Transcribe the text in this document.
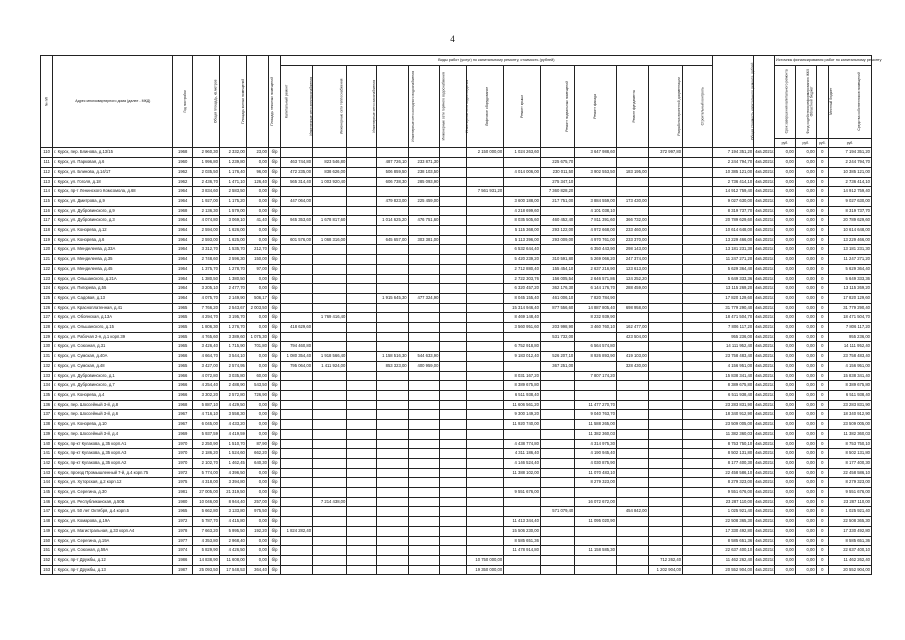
4
№ п/п	Адрес многоквартирного дома (далее - МКД)	Год постройки	Общая площадь, кв.метров	Площадь жилых помещений	Площадь нежилых помещений	Капитальный ремонт	Виды работ (услуг) по капитальному ремонту, стоимость (рублей)													Общая стоимость капитального ремонта, рублей	Срок завершения капитального ремонта	Источник финансирования работ по капитальному ремонту			
							Инженерные сети электроснабжения	Инженерные сети теплоснабжения	Инженерные сети газоснабжения	Инженерные сети холодного водоснабжения	Инженерные сети горячего водоснабжения	Инженерные сети водоотведения	Лифтовое оборудование	Ремонт крыши	Ремонт подвальных помещений	Ремонт фасада	Ремонт фундамента	Разработка проектной документации	Строительный контроль			Фонд содействия реформированию ЖКХ	Областной бюджет	Местный бюджет	Средства собственников помещений
																						руб.	руб.	руб.	руб.
110	г. Курск, пер. Блинова, д.13/15	1968	2 960,30	2 332,00	23,00	б/р							2 150 000,00	1 024 263,60		3 647 988,60		372 997,80		7 194 351,20	4кв.2021г.	0,00	0,00	0	7 194 351,20
111	г. Курск, ул. Парковая, д.6	1960	1 996,80	1 239,80	0,00	б/р	463 744,80	823 546,80		487 726,10	233 871,30				225 675,70					2 244 794,70	4кв.2021г.	0,00	0,00	0	2 244 794,70
112	г. Курск, ул. Блинова, д.14/17	1962	2 035,50	1 176,40	96,00	б/р	472 235,00	838 626,00		506 859,50	238 103,50			4 014 006,00	230 011,50	3 902 553,50	183 195,00			10 385 121,00	4кв.2021г.	0,00	0,00	0	10 385 121,00
113	г. Курск, ул. Гоголя, д.18	1962	2 436,70	1 471,10	126,40	б/р	565 314,40	1 003 920,40		606 738,30	285 093,90				275 347,10					2 736 414,10	4кв.2021г.	0,00	0,00	0	2 736 414,10
114	г. Курск, пр-т Ленинского Комсомола, д.68	1964	3 834,60	2 583,50	0,00	б/р							7 561 931,20		7 360 828,20					14 912 759,40	4кв.2021г.	0,00	0,00	0	14 912 759,40
115	г. Курск, ул. Дмитрова, д.9	1964	1 927,00	1 175,20	0,00	б/р	447 064,00			479 823,00	225 459,00			3 600 188,00	217 751,00	3 884 559,00	173 430,00			9 027 630,00	4кв.2021г.	0,00	0,00	0	9 027 630,00
116	г. Курск, ул. Дубровинского, д.9	1968	2 136,30	1 579,00	0,00	б/р								4 218 699,60		4 101 038,10				8 319 737,70	4кв.2021г.	0,00	0,00	0	8 319 737,70
117	г. Курск, ул. Дубровинского, д.3	1964	4 074,80	3 069,10	41,40	б/р	945 353,60	1 678 817,60		1 014 625,20	476 751,60			8 035 505,60	460 452,40	7 811 391,60	366 732,00			20 789 629,60	4кв.2021г.	0,00	0,00	0	20 789 629,60
118	г. Курск, ул. Конорева, д.12	1964	2 594,00	1 626,00	0,00	б/р								5 115 368,00	293 122,00	4 972 668,00	233 460,00			10 614 648,00	4кв.2021г.	0,00	0,00	0	10 614 648,00
119	г. Курск, ул. Конорева, д.6	1964	2 593,00	1 625,00	0,00	б/р	601 576,00	1 068 316,00		645 657,00	303 381,00			5 113 396,00	293 009,00	4 970 761,00	233 370,00			13 229 466,00	4кв.2021г.	0,00	0,00	0	13 229 466,00
120	г. Курск, ул. Менделеева, д.33А	1964	3 312,70	1 535,70	212,70	б/р								6 532 644,40		6 350 443,90	298 143,00			13 181 231,30	4кв.2021г.	0,00	0,00	0	13 181 231,30
121	г. Курск, ул. Менделеева, д.35	1964	2 748,60	2 596,30	150,00	б/р								5 420 239,20	310 591,80	5 269 066,20	247 374,00			11 247 271,20	4кв.2021г.	0,00	0,00	0	11 247 271,20
122	г. Курск, ул. Менделеева, д.45	1964	1 375,70	1 278,70	97,00	б/р								2 712 880,40	155 454,10	2 637 216,90	123 613,00			5 629 364,40	4кв.2021г.	0,00	0,00	0	5 629 364,40
123	г. Курск, ул. Ольшанского, д.21А	1964	1 380,50	1 380,50	0,00	б/р								2 722 303,76	156 005,54	2 646 571,86	124 252,20			5 649 333,36	4кв.2021г.	0,00	0,00	0	5 649 333,36
124	г. Курск, ул. Пигорева, д.55	1964	3 205,10	2 477,70	0,00	б/р								6 320 457,20	362 176,30	6 144 176,70	288 459,00			13 115 269,20	4кв.2021г.	0,00	0,00	0	13 115 269,20
125	г. Курск, ул. Садовая, д.13	1964	4 075,70	2 149,90	506,17	б/р				1 915 645,30	477 324,90			8 045 155,40	461 006,10	7 820 784,90				17 820 129,60	4кв.2021г.	0,00	0,00	0	17 820 129,60
126	г. Курск, ул. Красноплатенная, д.41	1965	7 766,20	2 543,67	2 003,50	б/р								15 314 946,40	877 556,60	14 887 805,40	698 958,00			31 779 290,40	4кв.2021г.	0,00	0,00	0	31 779 290,40
127	г. Курск, ул. Обоянская, д.13А	1965	4 294,70	3 195,70	0,00	б/р		1 769 416,40						8 469 148,40		8 232 939,90				18 471 504,70	4кв.2021г.	0,00	0,00	0	18 471 504,70
128	г. Курск, ул. Ольшанского, д.15	1965	1 806,30	1 276,70	0,00	б/р	418 629,60							3 560 951,60	203 998,90	3 460 760,10	162 477,00			7 806 117,20	4кв.2021г.	0,00	0,00	0	7 806 117,20
129	г. Курск, ул. Рабочая 2-я, д.1 корп.39	1965	4 765,60	3 389,60	1 075,30	б/р									531 732,00		423 504,00			955 236,00	4кв.2021г.	0,00	0,00	0	955 236,00
130	г. Курск, ул. Союзная, д.31	1965	3 426,40	1 715,90	701,80	б/р	794 460,80							6 752 918,80		6 564 574,80				14 111 952,40	4кв.2021г.	0,00	0,00	0	14 111 952,40
131	г. Курск, ул. Сумская, д.40А	1966	4 664,70	3 544,10	0,00	б/р	1 080 354,40	1 918 566,40		1 158 516,30	544 633,90			9 183 012,40	526 207,10	8 926 893,90	419 103,00			23 758 483,40	4кв.2021г.	0,00	0,00	0	23 758 483,40
132	г. Курск, ул. Сумская, д.48	1965	3 427,00	2 574,95	0,00	б/р	795 064,00	1 411 924,00		853 323,00	400 959,00				367 251,00		328 430,00			4 156 951,00	4кв.2021г.	0,00	0,00	0	4 156 951,00
133	г. Курск, ул. Дубровинского, д.1	1966	4 072,80	3 035,80	60,00	б/р								8 031 167,20		7 807 174,20				15 838 341,40	4кв.2021г.	0,00	0,00	0	15 838 341,40
134	г. Курск, ул. Дубровинского, д.7	1966	4 254,40	2 488,90	543,50	б/р								8 389 675,80						8 389 675,80	4кв.2021г.	0,00	0,00	0	8 389 675,80
135	г. Курск, ул. Конорева, д.4	1966	3 302,20	2 572,80	726,90	б/р								6 511 938,40						6 511 938,40	4кв.2021г.	0,00	0,00	0	6 511 938,40
136	г. Курск, пер. Шоссейный 3-й, д.8	1968	5 887,10	4 429,50	0,00	б/р								11 606 561,20		11 477 270,70				23 283 831,90	4кв.2021г.	0,00	0,00	0	23 283 831,90
137	г. Курск, пер. Шоссейный 3-й, д.6	1967	4 716,10	3 558,30	0,00	б/р								9 300 149,20		9 040 763,70				18 340 912,90	4кв.2021г.	0,00	0,00	0	18 340 912,90
138	г. Курск, ул. Конорева, д.10	1967	6 045,00	4 433,20	0,00	б/р								11 920 740,00		11 588 265,00				23 509 005,00	4кв.2021г.	0,00	0,00	0	23 509 005,00
139	г. Курск, пер. Шоссейный 3-й, д.4	1969	5 937,59	4 419,59	0,00	б/р										11 382 360,03				11 382 360,03	4кв.2021г.	0,00	0,00	0	11 382 360,03
140	г. Курск, пр-кт Кулакова, д.35 корп.А1	1970	2 250,90	1 510,70	87,90	б/р								4 438 774,80		4 314 975,30				8 753 750,10	4кв.2021г.	0,00	0,00	0	8 753 750,10
141	г. Курск, пр-кт Кулакова, д.35 корп.А3	1970	2 186,20	1 524,60	662,20	б/р								4 311 186,40		4 190 945,40				8 502 131,80	4кв.2021г.	0,00	0,00	0	8 502 131,80
142	г. Курск, пр-кт Кулакова, д.35 корп.А2	1970	2 102,70	1 462,45	640,30	б/р								4 146 524,40		4 030 875,90				8 177 400,30	4кв.2021г.	0,00	0,00	0	8 177 400,30
143	г. Курск, проезд Промышленный 7-й, д.4 корп.75	1972	5 774,00	4 396,50	0,00	б/р								11 388 102,00		11 070 483,10				22 458 586,10	4кв.2021г.	0,00	0,00	0	22 458 586,10
144	г. Курск, ул. Хуторская, д.2 корп.12	1975	4 318,00	3 394,80	0,00	б/р										8 279 323,00				8 279 323,00	4кв.2021г.	0,00	0,00	0	8 279 323,00
145	г. Курск, ул. Серегина, д.30	1981	27 005,00	21 319,50	0,00	б/р								9 551 676,00						9 551 676,00	4кв.2021г.	0,00	0,00	0	9 551 676,00
146	г. Курск, ул. Республиканская, д.50В	1980	10 046,00	8 944,40	257,00	б/р		7 214 438,00								16 072 672,00				23 287 110,00	4кв.2021г.	0,00	0,00	0	23 287 110,00
147	г. Курск, ул. 50 лет Октября, д.4 корп.5	1965	5 662,80	3 133,80	975,50	б/р									571 079,40		454 842,00			1 025 921,40	4кв.2021г.	0,00	0,00	0	1 025 921,40
148	г. Курск, ул. Комарова, д.19А	1972	5 787,70	4 415,80	0,00	б/р								11 413 344,40		11 095 020,90				22 508 365,30	4кв.2021г.	0,00	0,00	0	22 508 365,30
149	г. Курск, ул. Магистральная, д.33 корп.А4	1978	7 663,20	5 995,50	192,20	б/р	1 824 282,40							15 506 230,00						17 330 492,80	4кв.2021г.	0,00	0,00	0	17 330 492,80
150	г. Курск, ул. Серегина, д.19А	1977	4 353,80	2 968,40	0,00	б/р								8 585 651,36						8 585 651,36	4кв.2021г.	0,00	0,00	0	8 585 651,36
151	г. Курск, ул. Союзная, д.59А	1974	5 829,90	4 426,50	0,00	б/р								11 478 914,80		11 158 585,30				22 637 400,10	4кв.2021г.	0,00	0,00	0	22 637 400,10
152	г. Курск, пр-т Дружбы, д.12	1986	14 838,90	11 608,00	0,00	б/р							10 750 000,00					712 262,40		11 462 262,40	4кв.2021г.	0,00	0,00	0	11 462 262,40
153	г. Курск, пр-т Дружбы, д.13	1987	25 093,50	17 548,53	364,40	б/р							19 350 000,00					1 202 904,00		20 552 904,00	4кв.2021г.	0,00	0,00	0	20 552 904,00
